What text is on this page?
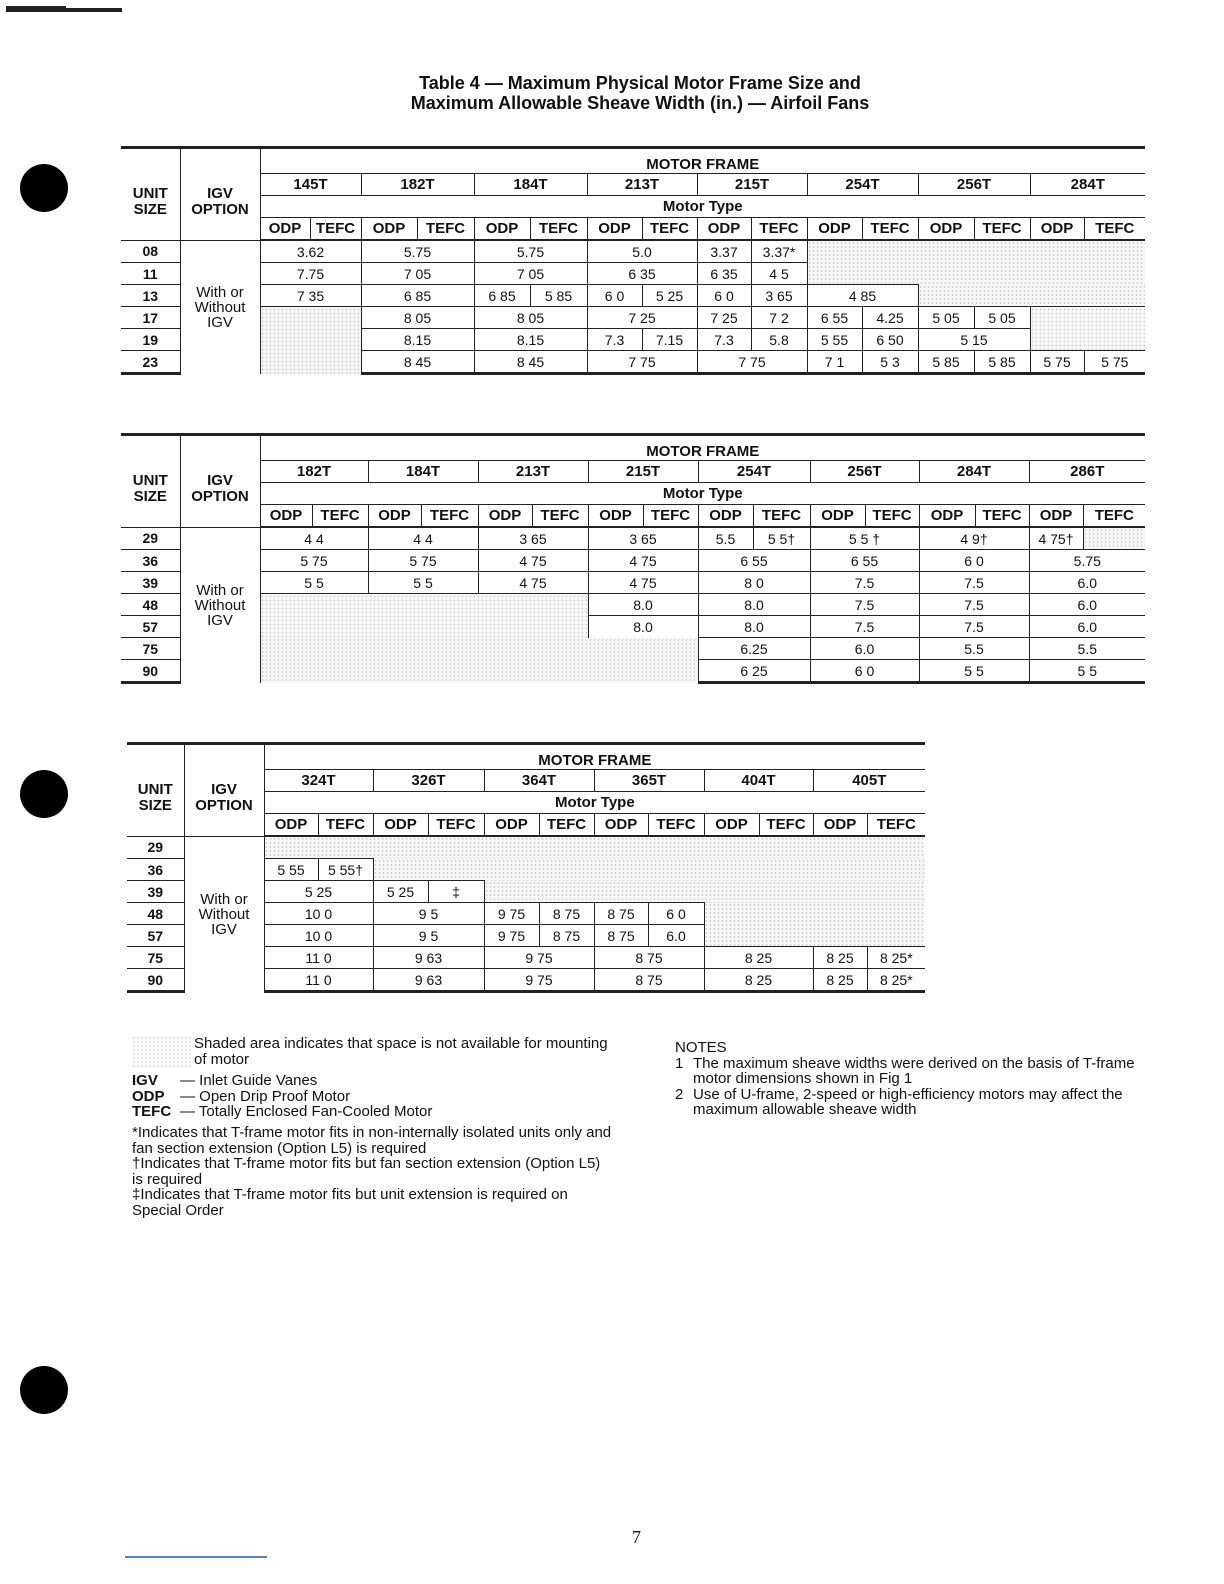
Table 4 — Maximum Physical Motor Frame Size and
Maximum Allowable Sheave Width (in.) — Airfoil Fans

UNIT
SIZE	IGV
OPTION	MOTOR FRAME															
		145T		182T		184T		213T		215T		254T		256T		284T	
		Motor Type															
		ODP	TEFC	ODP	TEFC	ODP	TEFC	ODP	TEFC	ODP	TEFC	ODP	TEFC	ODP	TEFC	ODP	TEFC
08	With or
Without
IGV	3.62		5.75		5.75		5.0		3.37	3.37*						
11		7.75		7 05		7 05		6 35		6 35	4 5						
13		7 35		6 85		6 85	5 85	6 0	5 25	6 0	3 65	4 85					
17				8 05		8 05		7 25		7 25	7 2	6 55	4.25	5 05	5 05		
19				8.15		8.15		7.3	7.15	7.3	5.8	5 55	6 50	5 15			
23				8 45		8 45		7 75		7 75		7 1	5 3	5 85	5 85	5 75	5 75

UNIT
SIZE	IGV
OPTION	MOTOR FRAME															
		182T		184T		213T		215T		254T		256T		284T		286T	
		Motor Type															
		ODP	TEFC	ODP	TEFC	ODP	TEFC	ODP	TEFC	ODP	TEFC	ODP	TEFC	ODP	TEFC	ODP	TEFC
29	With or
Without
IGV	4 4		4 4		3 65		3 65		5.5	5 5†	5 5 †		4 9†		4 75†	
36		5 75		5 75		4 75		4 75		6 55		6 55		6 0		5.75	
39		5 5		5 5		4 75		4 75		8 0		7.5		7.5		6.0	
48								8.0		8.0		7.5		7.5		6.0	
57								8.0		8.0		7.5		7.5		6.0	
75										6.25		6.0		5.5		5.5	
90										6 25		6 0		5 5		5 5	

UNIT
SIZE	IGV
OPTION	MOTOR FRAME											
		324T		326T		364T		365T		404T		405T	
		Motor Type											
		ODP	TEFC	ODP	TEFC	ODP	TEFC	ODP	TEFC	ODP	TEFC	ODP	TEFC
29	With or
Without
IGV												
36		5 55	5 55†										
39		5 25		5 25	‡								
48		10 0		9 5		9 75	8 75	8 75	6 0				
57		10 0		9 5		9 75	8 75	8 75	6.0				
75		11 0		9 63		9 75		8 75		8 25		8 25	8 25*
90		11 0		9 63		9 75		8 75		8 25		8 25	8 25*
Shaded area indicates that space is not available for mounting of motor
IGV	— Inlet Guide Vanes
ODP	— Open Drip Proof Motor
TEFC — Totally Enclosed Fan-Cooled Motor
*Indicates that T-frame motor fits in non-internally isolated units only and fan section extension (Option L5) is required
†Indicates that T-frame motor fits but fan section extension (Option L5) is required
‡Indicates that T-frame motor fits but unit extension is required on Special Order
NOTES
1 The maximum sheave widths were derived on the basis of T-frame motor dimensions shown in Fig 1
2 Use of U-frame, 2-speed or high-efficiency motors may affect the maximum allowable sheave width
7
